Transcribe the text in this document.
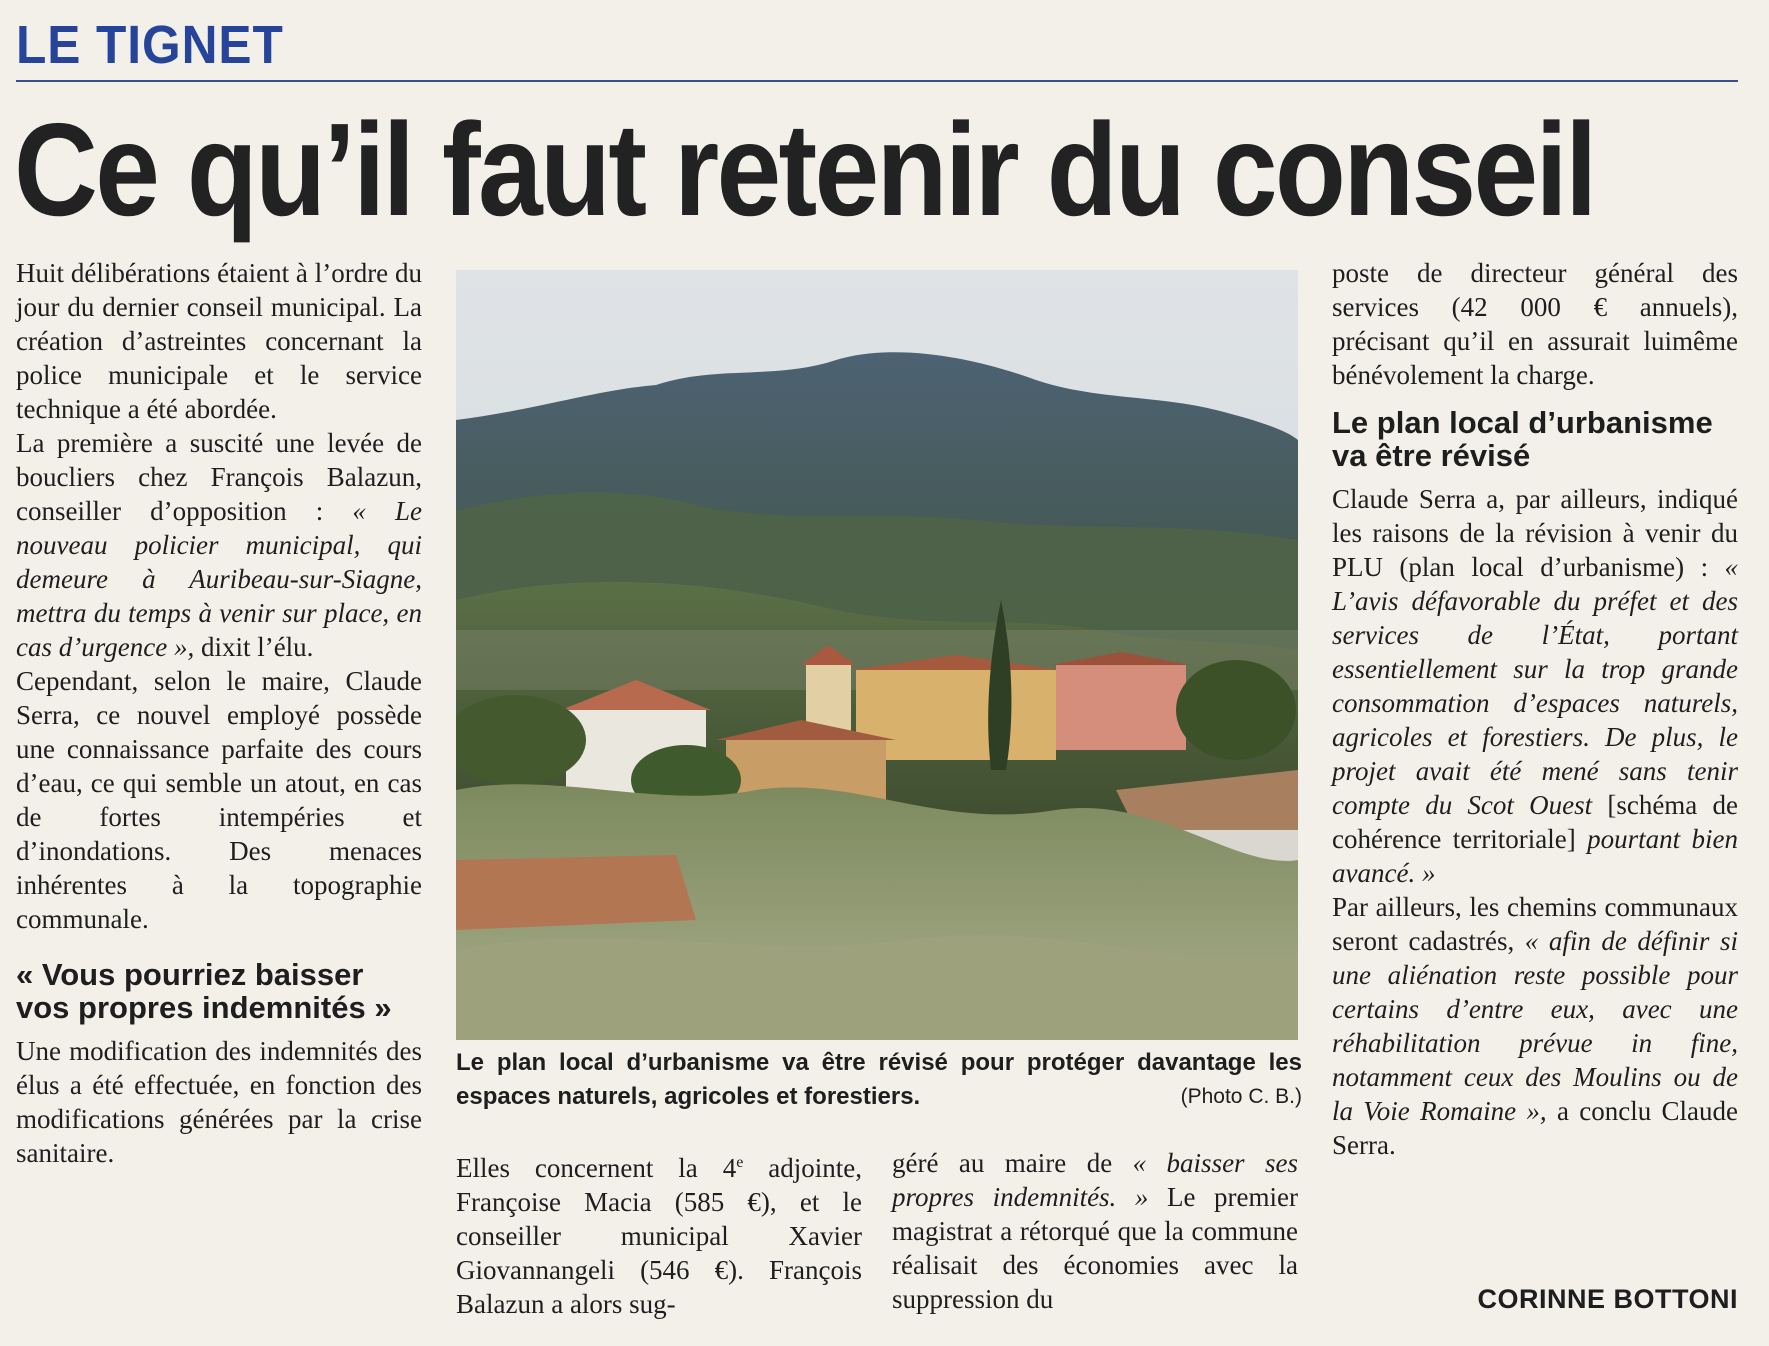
LE TIGNET
Ce qu’il faut retenir du conseil

Huit délibérations étaient à l’ordre du jour du dernier conseil municipal. La création d’astreintes concernant la police municipale et le service technique a été abordée.

La première a suscité une levée de boucliers chez François Balazun, conseiller d’opposition : « Le nouveau policier municipal, qui demeure à Auribeau-sur-Siagne, mettra du temps à venir sur place, en cas d’urgence », dixit l’élu.

Cependant, selon le maire, Claude Serra, ce nouvel employé possède une connaissance parfaite des cours d’eau, ce qui semble un atout, en cas de fortes intempéries et d’inondations. Des menaces inhérentes à la topographie communale.

« Vous pourriez baisser vos propres indemnités »

Une modification des indemnités des élus a été effectuée, en fonction des modifications générées par la crise sanitaire.

Le plan local d’urbanisme va être révisé pour protéger davantage les espaces naturels, agricoles et forestiers.	(Photo C. B.)

Elles concernent la 4e adjointe, Françoise Macia (585 €), et le conseiller municipal Xavier Giovannangeli (546 €). François Balazun a alors sug-

géré au maire de « baisser ses propres indemnités. » Le premier magistrat a rétorqué que la commune réalisait des économies avec la suppression du

poste de directeur général des services (42 000 € annuels), précisant qu’il en assurait luimême bénévolement la charge.

Le plan local d’urbanisme va être révisé

Claude Serra a, par ailleurs, indiqué les raisons de la révision à venir du PLU (plan local d’urbanisme) : « L’avis défavorable du préfet et des services de l’État, portant essentiellement sur la trop grande consommation d’espaces naturels, agricoles et forestiers. De plus, le projet avait été mené sans tenir compte du Scot Ouest [schéma de cohérence territoriale] pourtant bien avancé. »

Par ailleurs, les chemins communaux seront cadastrés, « afin de définir si une aliénation reste possible pour certains d’entre eux, avec une réhabilitation prévue in fine, notamment ceux des Moulins ou de la Voie Romaine », a conclu Claude Serra.

CORINNE BOTTONI
